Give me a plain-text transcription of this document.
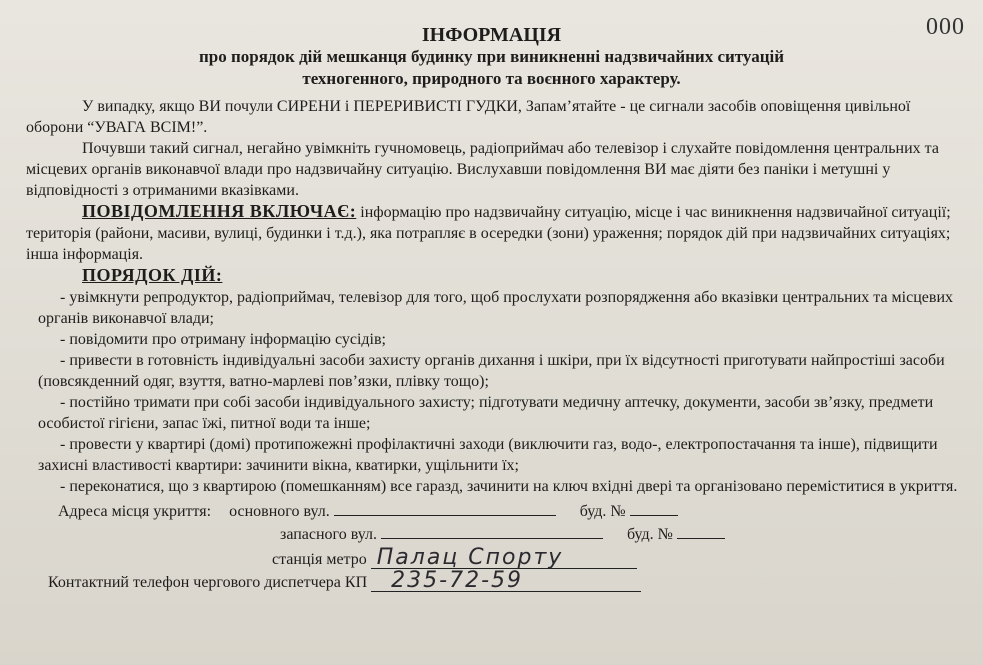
000
ІНФОРМАЦІЯ
про порядок дій мешканця будинку при виникненні надзвичайних ситуацій
техногенного, природного та воєнного характеру.

У випадку, якщо ВИ почули СИРЕНИ і ПЕРЕРИВИСТІ ГУДКИ, Запам’ятайте - це сигнали засобів оповіщення цивільної оборони “УВАГА ВСІМ!”.

Почувши такий сигнал, негайно увімкніть гучномовець, радіоприймач або телевізор і слухайте повідомлення центральних та місцевих органів виконавчої влади про надзвичайну ситуацію. Вислухавши повідомлення ВИ має діяти без паніки і метушні у відповідності з отриманими вказівками.

ПОВІДОМЛЕННЯ ВКЛЮЧАЄ: інформацію про надзвичайну ситуацію, місце і час виникнення надзвичайної ситуації; територія (райони, масиви, вулиці, будинки і т.д.), яка потрапляє в осередки (зони) ураження; порядок дій при надзвичайних ситуаціях; інша інформація.

ПОРЯДОК ДІЙ:

- увімкнути репродуктор, радіоприймач, телевізор для того, щоб прослухати розпорядження або вказівки центральних та місцевих органів виконавчої влади;

- повідомити про отриману інформацію сусідів;

- привести в готовність індивідуальні засоби захисту органів дихання і шкіри, при їх відсутності приготувати найпростіші засоби (повсякденний одяг, взуття, ватно-марлеві пов’язки, плівку тощо);

- постійно тримати при собі засоби індивідуального захисту; підготувати медичну аптечку, документи, засоби зв’язку, предмети особистої гігієни, запас їжі, питної води та інше;

- провести у квартирі (домі) протипожежні профілактичні заходи (виключити газ, водо-, електропостачання та інше), підвищити захисні властивості квартири: зачинити вікна, кватирки, ущільнити їх;

- переконатися, що з квартирою (помешканням) все гаразд, зачинити на ключ вхідні двері та організовано переміститися в укриття.

Адреса місця укриття: основного вул.	буд. №
запасного вул.	буд. №
станція метро Палац Спорту
Контактний телефон чергового диспетчера КП 235-72-59
